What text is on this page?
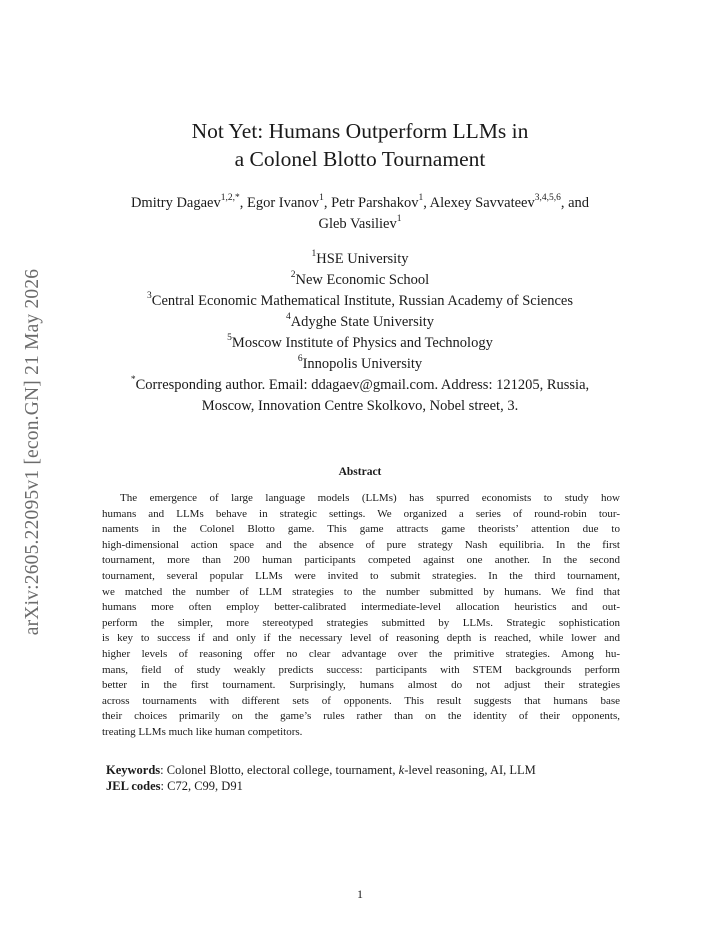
arXiv:2605.22095v1 [econ.GN] 21 May 2026
Not Yet: Humans Outperform LLMs in
a Colonel Blotto Tournament
Dmitry Dagaev$^{1,2,*}$, Egor Ivanov$^1$, Petr Parshakov$^1$, Alexey Savvateev$^{3,4,5,6}$, and
Gleb Vasiliev$^1$
$^1$HSE University
$^2$New Economic School
$^3$Central Economic Mathematical Institute, Russian Academy of Sciences
$^4$Adyghe State University
$^5$Moscow Institute of Physics and Technology
$^6$Innopolis University
*Corresponding author. Email: ddagaev@gmail.com. Address: 121205, Russia,
Moscow, Innovation Centre Skolkovo, Nobel street, 3.
Abstract
The emergence of large language models (LLMs) has spurred economists to study how
humans and LLMs behave in strategic settings. We organized a series of round-robin tour-
naments in the Colonel Blotto game. This game attracts game theorists’ attention due to
high-dimensional action space and the absence of pure strategy Nash equilibria. In the first
tournament, more than 200 human participants competed against one another. In the second
tournament, several popular LLMs were invited to submit strategies. In the third tournament,
we matched the number of LLM strategies to the number submitted by humans. We find that
humans more often employ better-calibrated intermediate-level allocation heuristics and out-
perform the simpler, more stereotyped strategies submitted by LLMs. Strategic sophistication
is key to success if and only if the necessary level of reasoning depth is reached, while lower and
higher levels of reasoning offer no clear advantage over the primitive strategies. Among hu-
mans, field of study weakly predicts success: participants with STEM backgrounds perform
better in the first tournament. Surprisingly, humans almost do not adjust their strategies
across tournaments with different sets of opponents. This result suggests that humans base
their choices primarily on the game’s rules rather than on the identity of their opponents,
treating LLMs much like human competitors.
Keywords: Colonel Blotto, electoral college, tournament, k-level reasoning, AI, LLM
JEL codes: C72, C99, D91
1
